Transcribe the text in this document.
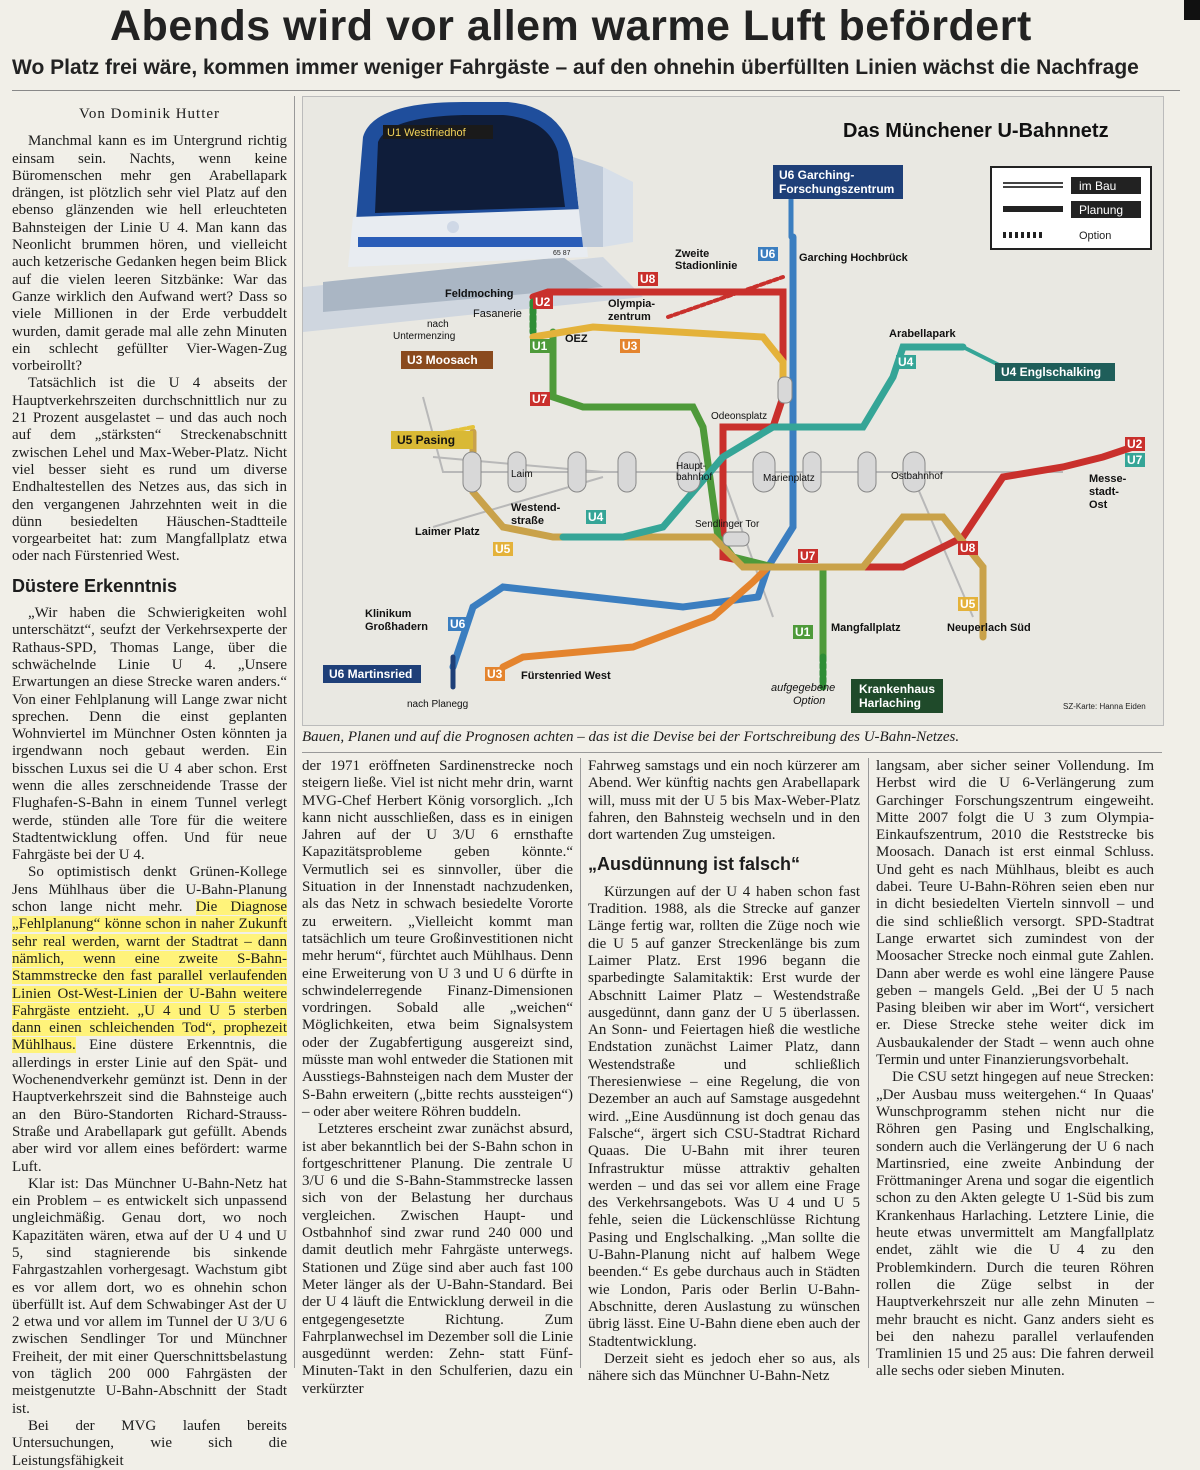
Abends wird vor allem warme Luft befördert
Wo Platz frei wäre, kommen immer weniger Fahrgäste – auf den ohnehin überfüllten Linien wächst die Nachfrage

Von Dominik Hutter

Manchmal kann es im Untergrund richtig einsam sein. Nachts, wenn keine Büromenschen mehr gen Arabellapark drängen, ist plötzlich sehr viel Platz auf den ebenso glänzenden wie hell erleuchteten Bahnsteigen der Linie U 4. Man kann das Neonlicht brummen hören, und vielleicht auch ketzerische Gedanken hegen beim Blick auf die vielen leeren Sitzbänke: War das Ganze wirklich den Aufwand wert? Dass so viele Millionen in der Erde verbuddelt wurden, damit gerade mal alle zehn Minuten ein schlecht gefüllter Vier-Wagen-Zug vorbeirollt?

Tatsächlich ist die U 4 abseits der Hauptverkehrszeiten durchschnittlich nur zu 21 Prozent ausgelastet – und das auch noch auf dem „stärksten“ Streckenabschnitt zwischen Lehel und Max-Weber-Platz. Nicht viel besser sieht es rund um diverse Endhaltestellen des Netzes aus, das sich in den vergangenen Jahrzehnten weit in die dünn besiedelten Häuschen-Stadtteile vorgearbeitet hat: zum Mangfallplatz etwa oder nach Fürstenried West.

Düstere Erkenntnis

„Wir haben die Schwierigkeiten wohl unterschätzt“, seufzt der Verkehrsexperte der Rathaus-SPD, Thomas Lange, über die schwächelnde Linie U 4. „Unsere Erwartungen an diese Strecke waren anders.“ Von einer Fehlplanung will Lange zwar nicht sprechen. Denn die einst geplanten Wohnviertel im Münchner Osten könnten ja irgendwann noch gebaut werden. Ein bisschen Luxus sei die U 4 aber schon. Erst wenn die alles zerschneidende Trasse der Flughafen-S-Bahn in einem Tunnel verlegt werde, stünden alle Tore für die weitere Stadtentwicklung offen. Und für neue Fahrgäste bei der U 4.

So optimistisch denkt Grünen-Kollege Jens Mühlhaus über die U-Bahn-Planung schon lange nicht mehr. Die Diagnose „Fehlplanung“ könne schon in naher Zukunft sehr real werden, warnt der Stadtrat – dann nämlich, wenn eine zweite S-Bahn-Stammstrecke den fast parallel verlaufenden Linien Ost-West-Linien der U-Bahn weitere Fahrgäste entzieht. „U 4 und U 5 sterben dann einen schleichenden Tod“, prophezeit Mühlhaus. Eine düstere Erkenntnis, die allerdings in erster Linie auf den Spät- und Wochenendverkehr gemünzt ist. Denn in der Hauptverkehrszeit sind die Bahnsteige auch an den Büro-Standorten Richard-Strauss-Straße und Arabellapark gut gefüllt. Abends aber wird vor allem eines befördert: warme Luft.

Klar ist: Das Münchner U-Bahn-Netz hat ein Problem – es entwickelt sich unpassend ungleichmäßig. Genau dort, wo noch Kapazitäten wären, etwa auf der U 4 und U 5, sind stagnierende bis sinkende Fahrgastzahlen vorhergesagt. Wachstum gibt es vor allem dort, wo es ohnehin schon überfüllt ist. Auf dem Schwabinger Ast der U 2 etwa und vor allem im Tunnel der U 3/U 6 zwischen Sendlinger Tor und Münchner Freiheit, der mit einer Querschnittsbelastung von täglich 200 000 Fahrgästen der meistgenutzte U-Bahn-Abschnitt der Stadt ist.

Bei der MVG laufen bereits Untersuchungen, wie sich die Leistungsfähigkeit

U1 Westfriedhof
65 87
Das Münchener U-Bahnnetz
im Bau
Planung
Option
U6
U8
U2
U1	U3
U7
U4
U4
U5
U6
U3
U7
U1
U8
U5
U2
U7
U6 Garching-Forschungszentrum
U3 Moosach
U5 Pasing
U4 Englschalking
U6 Martinsried
Krankenhaus Harlaching
Garching Hochbrück
Zweite Stadionlinie
Feldmoching
Olympia-zentrum
Fasanerie
nach Untermenzing	OEZ	Arabellapark
Odeonsplatz
Laim
Haupt-bahnhof	Marienplatz	Ostbahnhof	Messe-stadt-Ost
Westend-straße
Laimer Platz
Sendlinger Tor
Klinikum Großhadern	Mangfallplatz	Neuperlach Süd
Fürstenried West
nach Planegg
aufgegebene Option	SZ-Karte: Hanna Eiden
Bauen, Planen und auf die Prognosen achten – das ist die Devise bei der Fortschreibung des U-Bahn-Netzes.

der 1971 eröffneten Sardinenstrecke noch steigern ließe. Viel ist nicht mehr drin, warnt MVG-Chef Herbert König vorsorglich. „Ich kann nicht ausschließen, dass es in einigen Jahren auf der U 3/U 6 ernsthafte Kapazitätsprobleme geben könnte.“ Vermutlich sei es sinnvoller, über die Situation in der Innenstadt nachzudenken, als das Netz in schwach besiedelte Vororte zu erweitern. „Vielleicht kommt man tatsächlich um teure Großinvestitionen nicht mehr herum“, fürchtet auch Mühlhaus. Denn eine Erweiterung von U 3 und U 6 dürfte in schwindelerregende Finanz-Dimensionen vordringen. Sobald alle „weichen“ Möglichkeiten, etwa beim Signalsystem oder der Zugabfertigung ausgereizt sind, müsste man wohl entweder die Stationen mit Ausstiegs-Bahnsteigen nach dem Muster der S-Bahn erweitern („bitte rechts aussteigen“) – oder aber weitere Röhren buddeln.

Letzteres erscheint zwar zunächst absurd, ist aber bekanntlich bei der S-Bahn schon in fortgeschrittener Planung. Die zentrale U 3/U 6 und die S-Bahn-Stammstrecke lassen sich von der Belastung her durchaus vergleichen. Zwischen Haupt- und Ostbahnhof sind zwar rund 240 000 und damit deutlich mehr Fahrgäste unterwegs. Stationen und Züge sind aber auch fast 100 Meter länger als der U-Bahn-Standard. Bei der U 4 läuft die Entwicklung derweil in die entgegengesetzte Richtung. Zum Fahrplanwechsel im Dezember soll die Linie ausgedünnt werden: Zehn- statt Fünf-Minuten-Takt in den Schulferien, dazu ein verkürzter

Fahrweg samstags und ein noch kürzerer am Abend. Wer künftig nachts gen Arabellapark will, muss mit der U 5 bis Max-Weber-Platz fahren, den Bahnsteig wechseln und in den dort wartenden Zug umsteigen.

„Ausdünnung ist falsch“

Kürzungen auf der U 4 haben schon fast Tradition. 1988, als die Strecke auf ganzer Länge fertig war, rollten die Züge noch wie die U 5 auf ganzer Streckenlänge bis zum Laimer Platz. Erst 1996 begann die sparbedingte Salamitaktik: Erst wurde der Abschnitt Laimer Platz – Westendstraße ausgedünnt, dann ganz der U 5 überlassen. An Sonn- und Feiertagen hieß die westliche Endstation zunächst Laimer Platz, dann Westendstraße und schließlich Theresienwiese – eine Regelung, die von Dezember an auch auf Samstage ausgedehnt wird. „Eine Ausdünnung ist doch genau das Falsche“, ärgert sich CSU-Stadtrat Richard Quaas. Die U-Bahn mit ihrer teuren Infrastruktur müsse attraktiv gehalten werden – und das sei vor allem eine Frage des Verkehrsangebots. Was U 4 und U 5 fehle, seien die Lückenschlüsse Richtung Pasing und Englschalking. „Man sollte die U-Bahn-Planung nicht auf halbem Wege beenden.“ Es gebe durchaus auch in Städten wie London, Paris oder Berlin U-Bahn-Abschnitte, deren Auslastung zu wünschen übrig lässt. Eine U-Bahn diene eben auch der Stadtentwicklung.

Derzeit sieht es jedoch eher so aus, als nähere sich das Münchner U-Bahn-Netz

langsam, aber sicher seiner Vollendung. Im Herbst wird die U 6-Verlängerung zum Garchinger Forschungszentrum eingeweiht. Mitte 2007 folgt die U 3 zum Olympia-Einkaufszentrum, 2010 die Reststrecke bis Moosach. Danach ist erst einmal Schluss. Und geht es nach Mühlhaus, bleibt es auch dabei. Teure U-Bahn-Röhren seien eben nur in dicht besiedelten Vierteln sinnvoll – und die sind schließlich versorgt. SPD-Stadtrat Lange erwartet sich zumindest von der Moosacher Strecke noch einmal gute Zahlen. Dann aber werde es wohl eine längere Pause geben – mangels Geld. „Bei der U 5 nach Pasing bleiben wir aber im Wort“, versichert er. Diese Strecke stehe weiter dick im Ausbaukalender der Stadt – wenn auch ohne Termin und unter Finanzierungsvorbehalt.

Die CSU setzt hingegen auf neue Strecken: „Der Ausbau muss weitergehen.“ In Quaas' Wunschprogramm stehen nicht nur die Röhren gen Pasing und Englschalking, sondern auch die Verlängerung der U 6 nach Martinsried, eine zweite Anbindung der Fröttmaninger Arena und sogar die eigentlich schon zu den Akten gelegte U 1-Süd bis zum Krankenhaus Harlaching. Letztere Linie, die heute etwas unvermittelt am Mangfallplatz endet, zählt wie die U 4 zu den Problemkindern. Durch die teuren Röhren rollen die Züge selbst in der Hauptverkehrszeit nur alle zehn Minuten – mehr braucht es nicht. Ganz anders sieht es bei den nahezu parallel verlaufenden Tramlinien 15 und 25 aus: Die fahren derweil alle sechs oder sieben Minuten.
